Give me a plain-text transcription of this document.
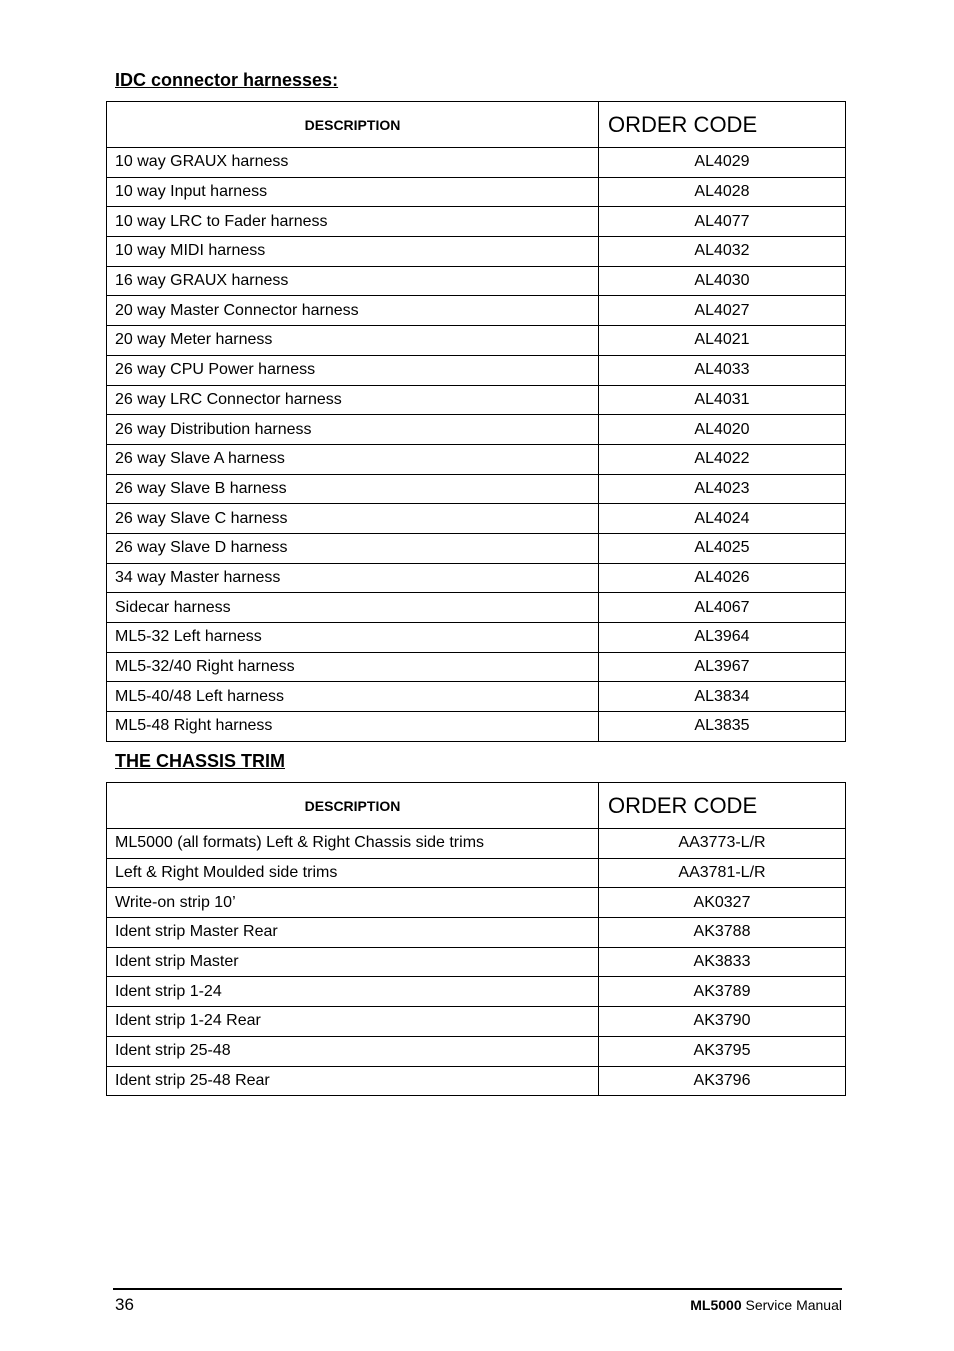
IDC connector harnesses:
DESCRIPTION	ORDER CODE
10 way GRAUX harness	AL4029
10 way Input harness	AL4028
10 way LRC to Fader harness	AL4077
10 way MIDI harness	AL4032
16 way GRAUX harness	AL4030
20 way Master Connector harness	AL4027
20 way Meter harness	AL4021
26 way CPU Power harness	AL4033
26 way LRC Connector harness	AL4031
26 way Distribution harness	AL4020
26 way Slave A harness	AL4022
26 way Slave B harness	AL4023
26 way Slave C harness	AL4024
26 way Slave D harness	AL4025
34 way Master harness	AL4026
Sidecar harness	AL4067
ML5-32 Left harness	AL3964
ML5-32/40 Right harness	AL3967
ML5-40/48 Left harness	AL3834
ML5-48 Right harness	AL3835
THE CHASSIS TRIM
DESCRIPTION	ORDER CODE
ML5000 (all formats) Left & Right Chassis side trims	AA3773-L/R
Left & Right Moulded side trims	AA3781-L/R
Write-on strip 10’	AK0327
Ident strip Master Rear	AK3788
Ident strip Master	AK3833
Ident strip 1-24	AK3789
Ident strip 1-24 Rear	AK3790
Ident strip 25-48	AK3795
Ident strip 25-48 Rear	AK3796
36	ML5000 Service Manual
